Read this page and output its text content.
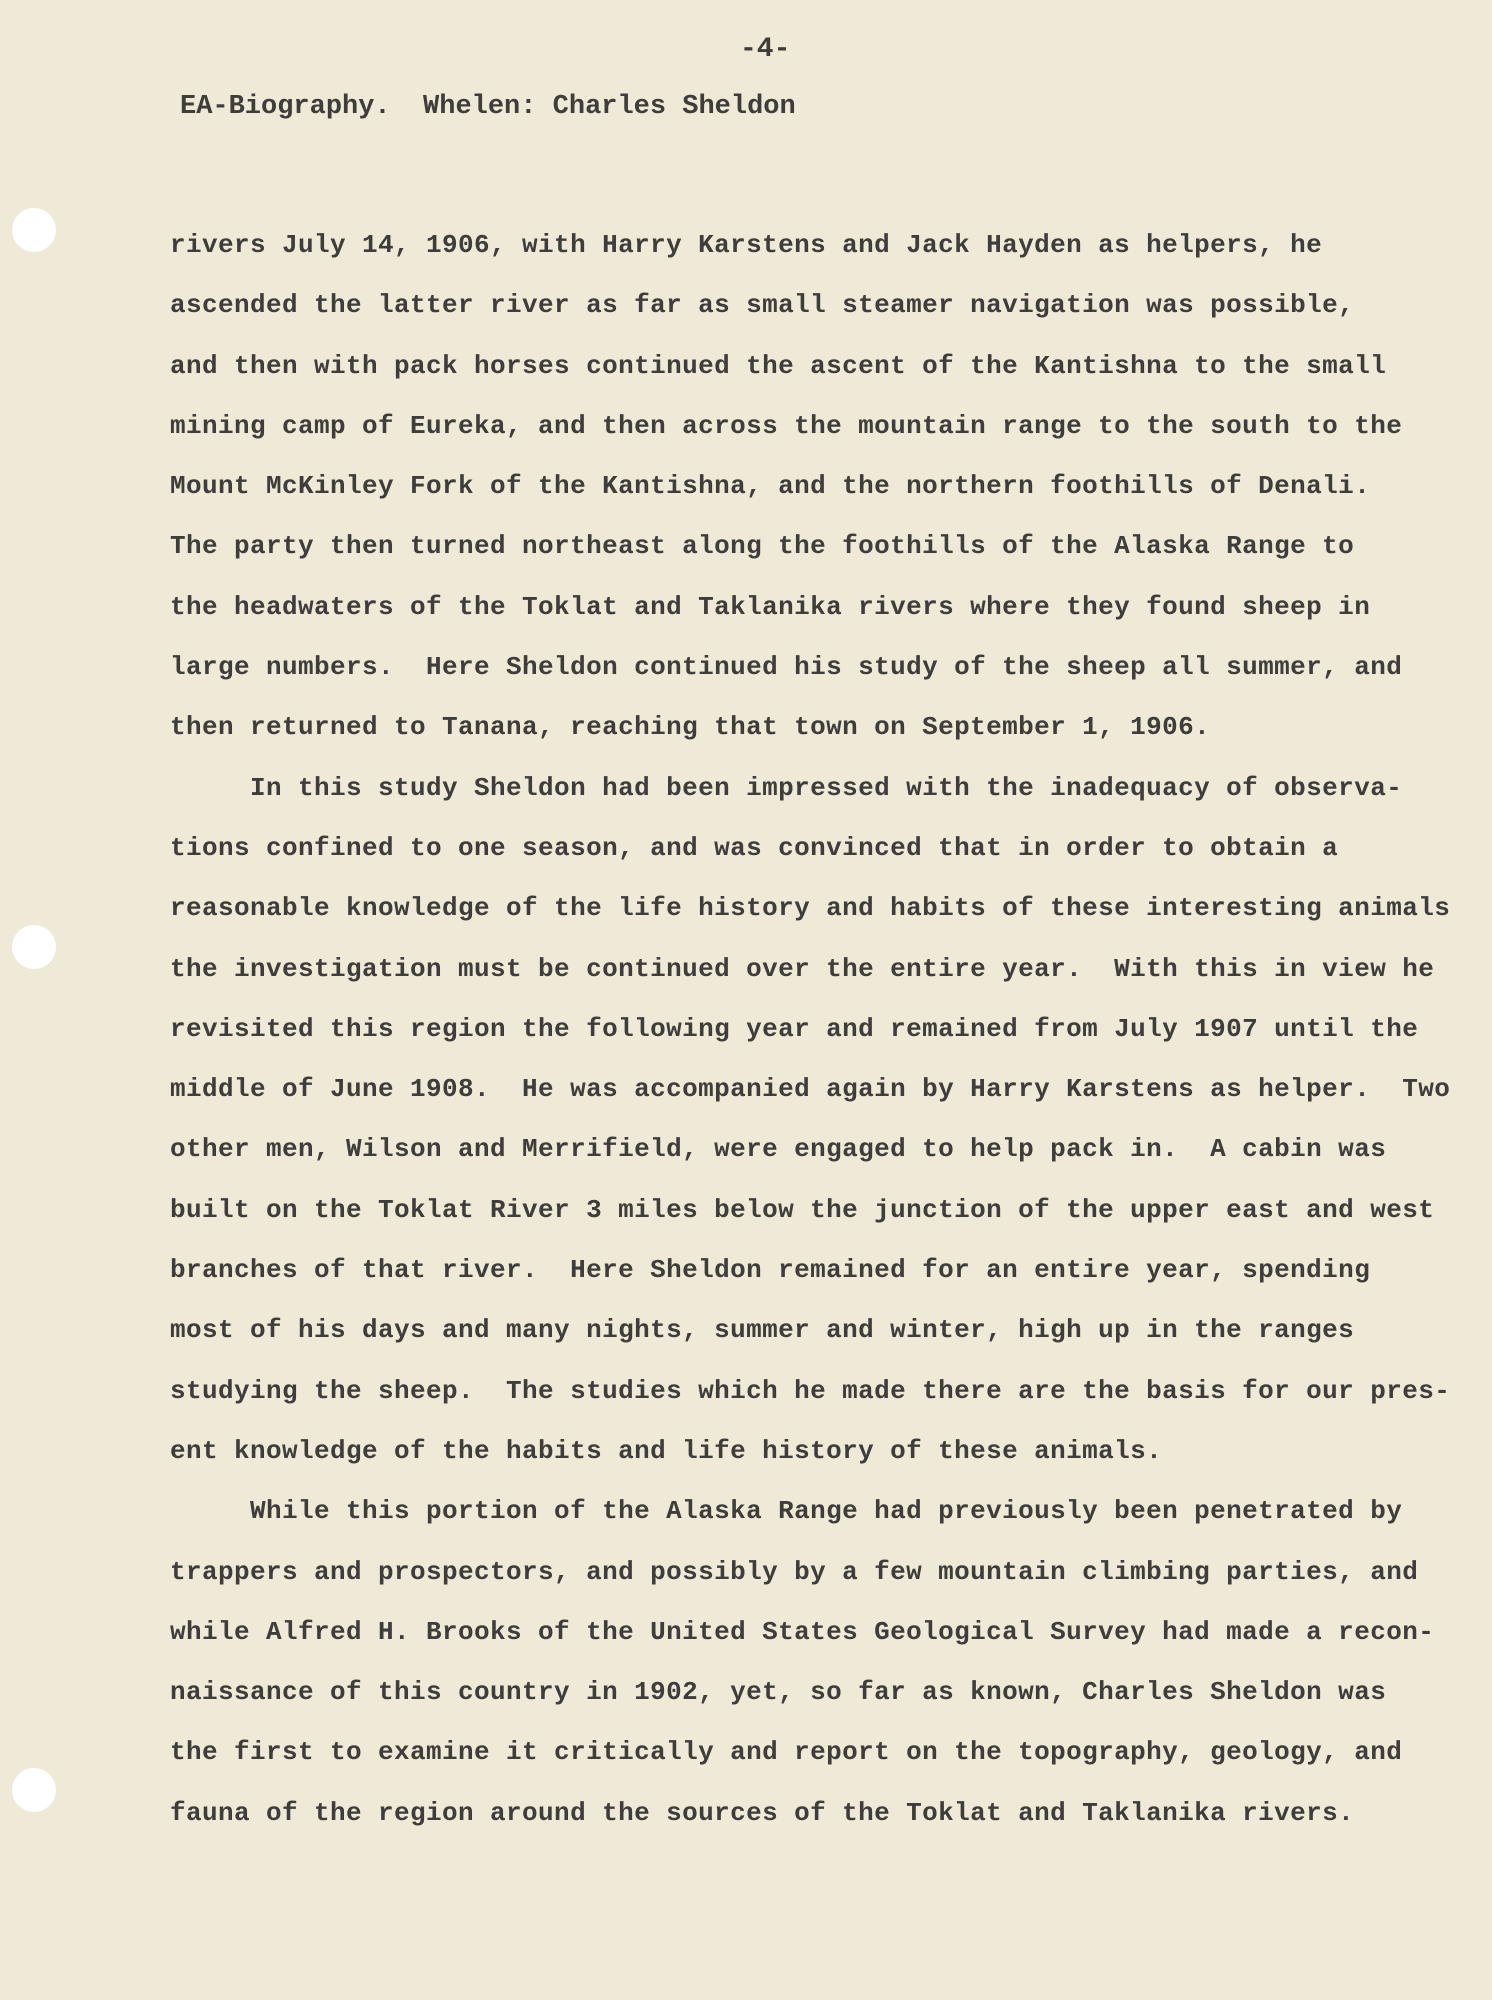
-4-

EA-Biography.  Whelen: Charles Sheldon

rivers July 14, 1906, with Harry Karstens and Jack Hayden as helpers, he

ascended the latter river as far as small steamer navigation was possible,

and then with pack horses continued the ascent of the Kantishna to the small

mining camp of Eureka, and then across the mountain range to the south to the

Mount McKinley Fork of the Kantishna, and the northern foothills of Denali.

The party then turned northeast along the foothills of the Alaska Range to

the headwaters of the Toklat and Taklanika rivers where they found sheep in

large numbers.  Here Sheldon continued his study of the sheep all summer, and

then returned to Tanana, reaching that town on September 1, 1906.

In this study Sheldon had been impressed with the inadequacy of observa-

tions confined to one season, and was convinced that in order to obtain a

reasonable knowledge of the life history and habits of these interesting animals

the investigation must be continued over the entire year.  With this in view he

revisited this region the following year and remained from July 1907 until the

middle of June 1908.  He was accompanied again by Harry Karstens as helper.  Two

other men, Wilson and Merrifield, were engaged to help pack in.  A cabin was

built on the Toklat River 3 miles below the junction of the upper east and west

branches of that river.  Here Sheldon remained for an entire year, spending

most of his days and many nights, summer and winter, high up in the ranges

studying the sheep.  The studies which he made there are the basis for our pres-

ent knowledge of the habits and life history of these animals.

While this portion of the Alaska Range had previously been penetrated by

trappers and prospectors, and possibly by a few mountain climbing parties, and

while Alfred H. Brooks of the United States Geological Survey had made a recon-

naissance of this country in 1902, yet, so far as known, Charles Sheldon was

the first to examine it critically and report on the topography, geology, and

fauna of the region around the sources of the Toklat and Taklanika rivers.
